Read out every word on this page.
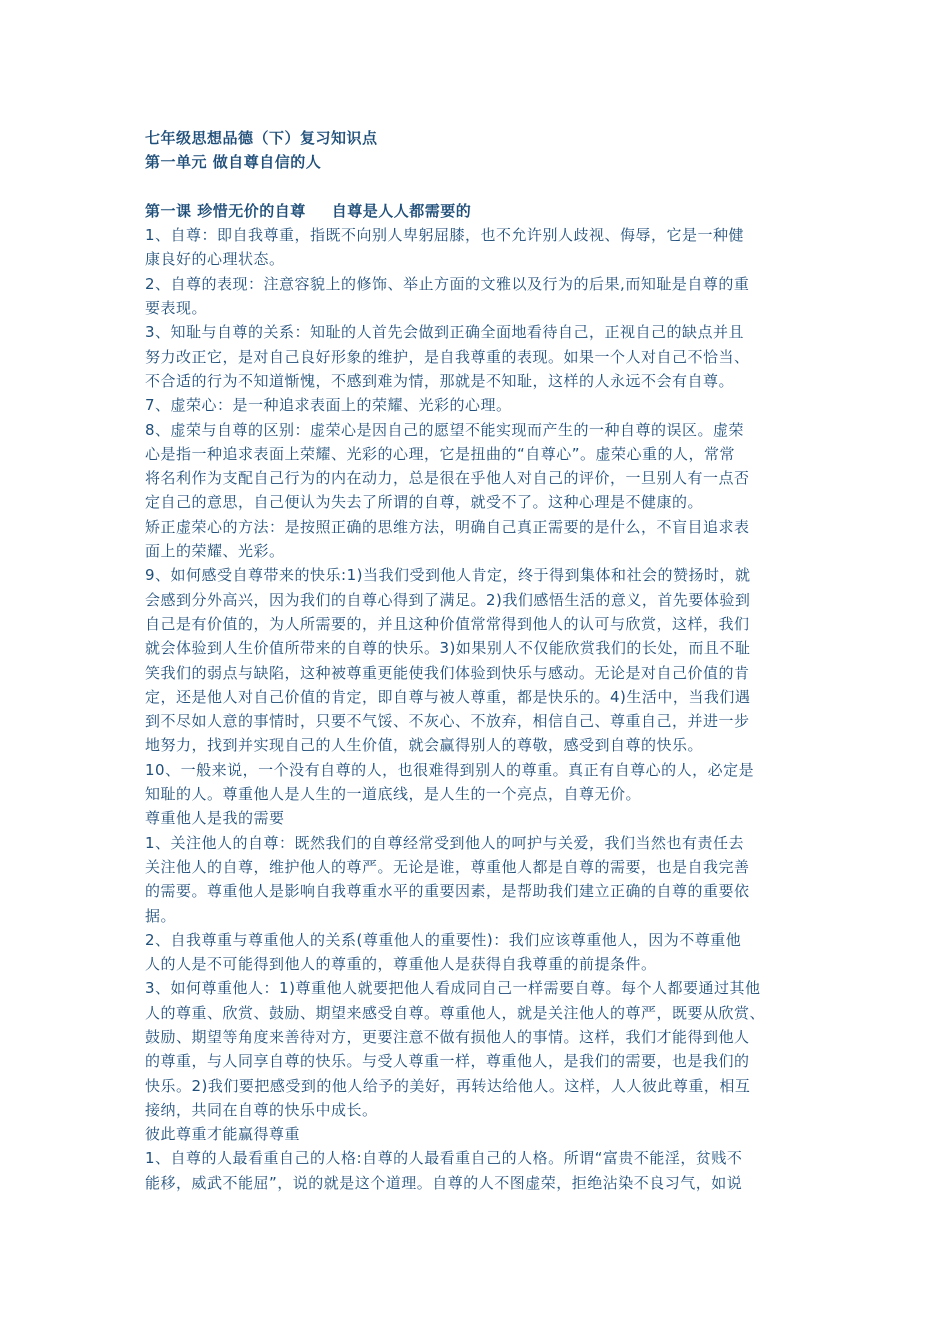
七年级思想品德（下）复习知识点
第一单元 做自尊自信的人
第一课 珍惜无价的自尊 自尊是人人都需要的
1、自尊：即自我尊重，指既不向别人卑躬屈膝，也不允许别人歧视、侮辱，它是一种健
康良好的心理状态。
2、自尊的表现：注意容貌上的修饰、举止方面的文雅以及行为的后果,而知耻是自尊的重
要表现。
3、知耻与自尊的关系：知耻的人首先会做到正确全面地看待自己，正视自己的缺点并且
努力改正它，是对自己良好形象的维护，是自我尊重的表现。如果一个人对自己不恰当、
不合适的行为不知道惭愧，不感到难为情，那就是不知耻，这样的人永远不会有自尊。
7、虚荣心：是一种追求表面上的荣耀、光彩的心理。
8、虚荣与自尊的区别：虚荣心是因自己的愿望不能实现而产生的一种自尊的误区。虚荣
心是指一种追求表面上荣耀、光彩的心理，它是扭曲的“自尊心”。虚荣心重的人，常常
将名利作为支配自己行为的内在动力，总是很在乎他人对自己的评价，一旦别人有一点否
定自己的意思，自己便认为失去了所谓的自尊，就受不了。这种心理是不健康的。
矫正虚荣心的方法：是按照正确的思维方法，明确自己真正需要的是什么，不盲目追求表
面上的荣耀、光彩。
9、如何感受自尊带来的快乐:1)当我们受到他人肯定，终于得到集体和社会的赞扬时，就
会感到分外高兴，因为我们的自尊心得到了满足。2)我们感悟生活的意义，首先要体验到
自己是有价值的，为人所需要的，并且这种价值常常得到他人的认可与欣赏，这样，我们
就会体验到人生价值所带来的自尊的快乐。3)如果别人不仅能欣赏我们的长处，而且不耻
笑我们的弱点与缺陷，这种被尊重更能使我们体验到快乐与感动。无论是对自己价值的肯
定，还是他人对自己价值的肯定，即自尊与被人尊重，都是快乐的。4)生活中，当我们遇
到不尽如人意的事情时，只要不气馁、不灰心、不放弃，相信自己、尊重自己，并进一步
地努力，找到并实现自己的人生价值，就会赢得别人的尊敬，感受到自尊的快乐。
10、一般来说，一个没有自尊的人，也很难得到别人的尊重。真正有自尊心的人，必定是
知耻的人。尊重他人是人生的一道底线，是人生的一个亮点，自尊无价。
尊重他人是我的需要
1、关注他人的自尊：既然我们的自尊经常受到他人的呵护与关爱，我们当然也有责任去
关注他人的自尊，维护他人的尊严。无论是谁，尊重他人都是自尊的需要，也是自我完善
的需要。尊重他人是影响自我尊重水平的重要因素，是帮助我们建立正确的自尊的重要依
据。
2、自我尊重与尊重他人的关系(尊重他人的重要性)：我们应该尊重他人，因为不尊重他
人的人是不可能得到他人的尊重的，尊重他人是获得自我尊重的前提条件。
3、如何尊重他人：1)尊重他人就要把他人看成同自己一样需要自尊。每个人都要通过其他
人的尊重、欣赏、鼓励、期望来感受自尊。尊重他人，就是关注他人的尊严，既要从欣赏、
鼓励、期望等角度来善待对方，更要注意不做有损他人的事情。这样，我们才能得到他人
的尊重，与人同享自尊的快乐。与受人尊重一样，尊重他人，是我们的需要，也是我们的
快乐。2)我们要把感受到的他人给予的美好，再转达给他人。这样，人人彼此尊重，相互
接纳，共同在自尊的快乐中成长。
彼此尊重才能赢得尊重
1、自尊的人最看重自己的人格:自尊的人最看重自己的人格。所谓“富贵不能淫，贫贱不
能移，威武不能屈”，说的就是这个道理。自尊的人不图虚荣，拒绝沾染不良习气，如说
